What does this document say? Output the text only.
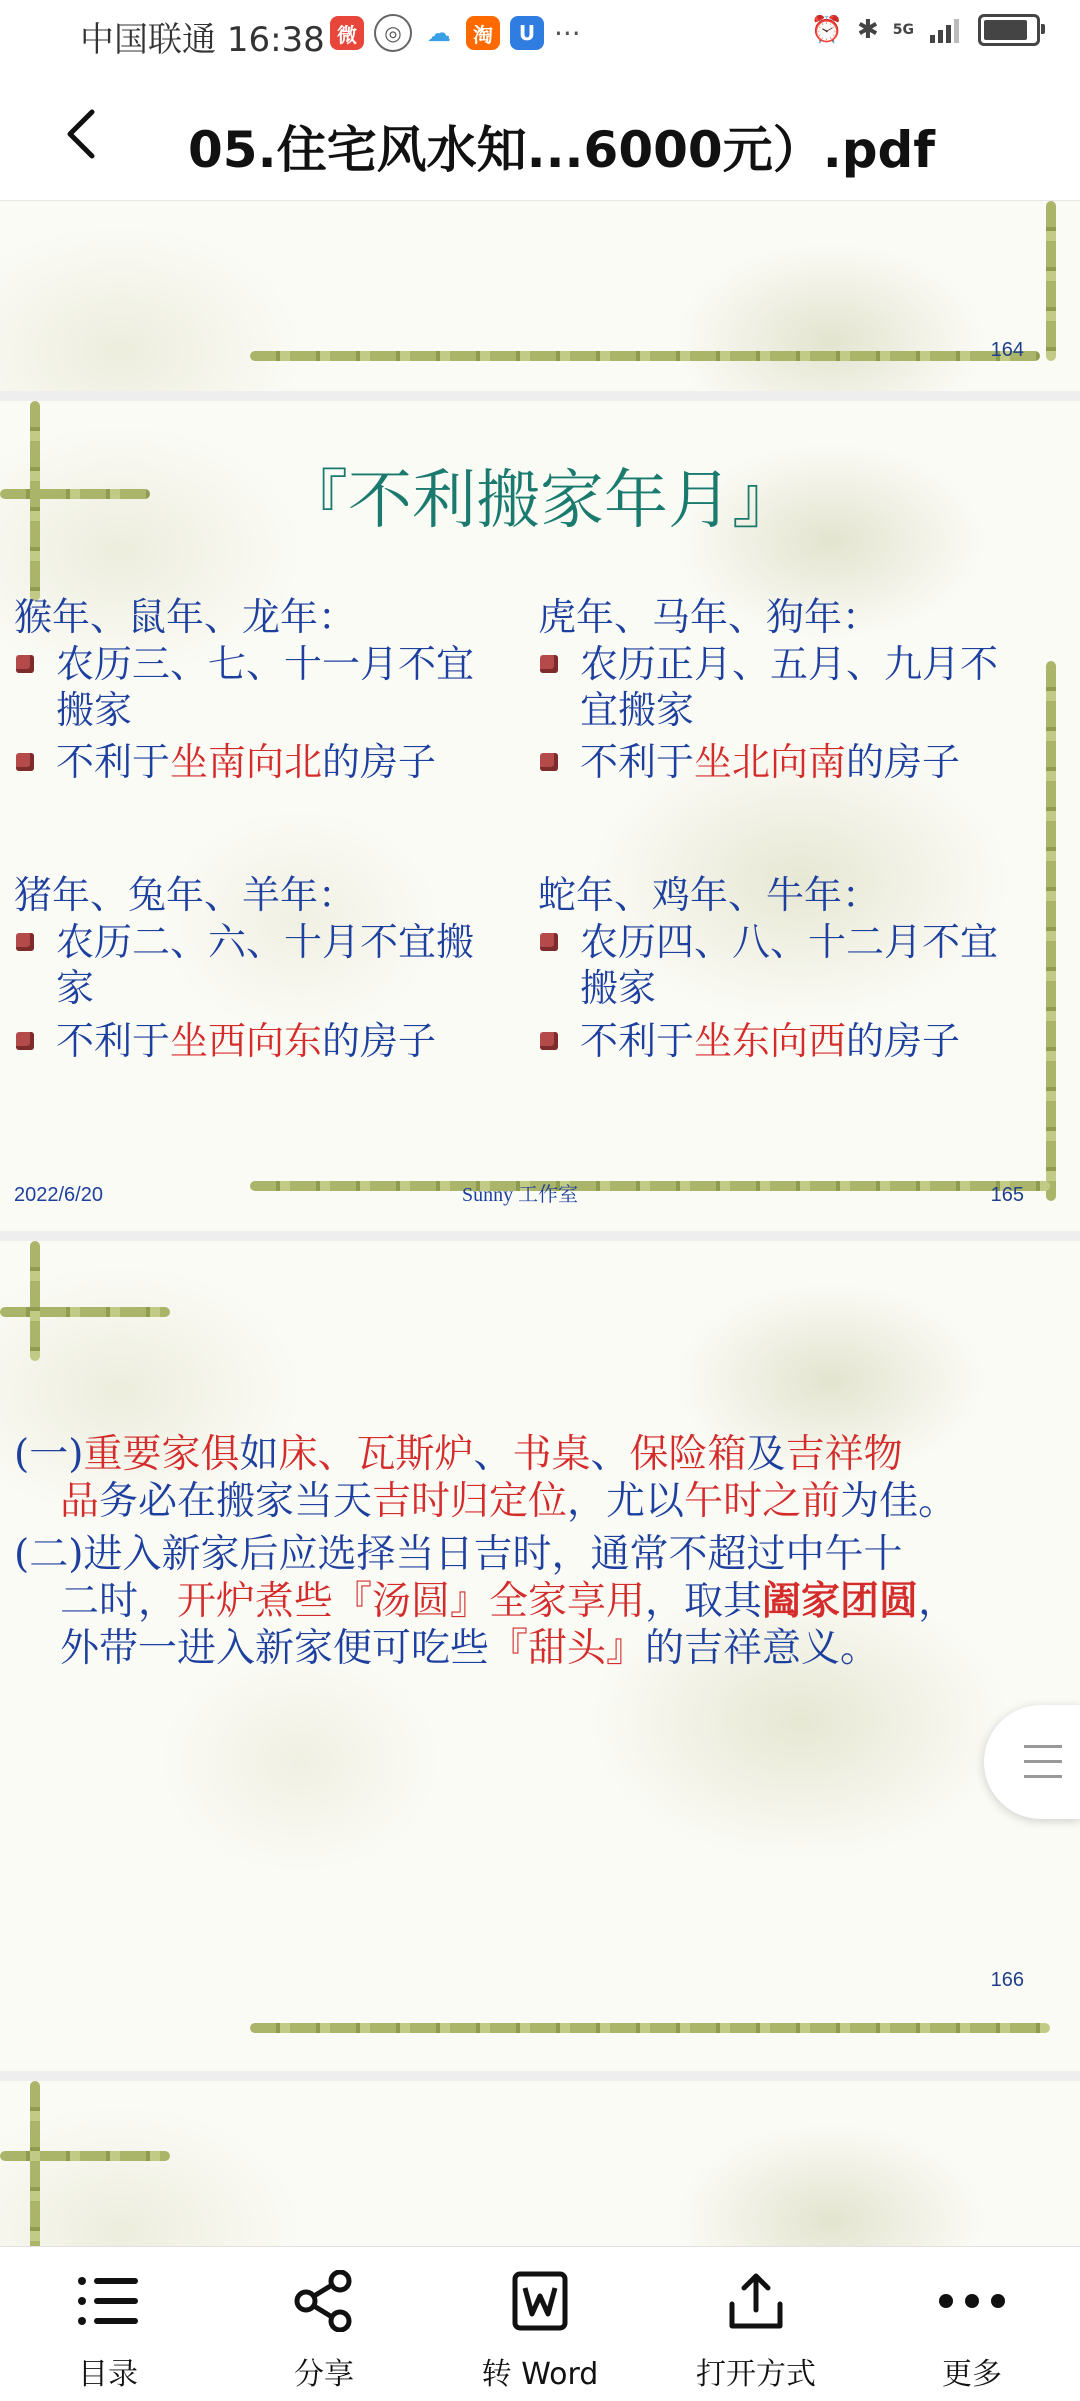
中国联通 16:38 微	◎	☁	淘	U ···	⏰ ✱ 5G
05.住宅风水知...6000元）.pdf
164
『不利搬家年月』
猴年、鼠年、龙年：
农历三、七、十一月不宜搬家
不利于坐南向北的房子
虎年、马年、狗年：
农历正月、五月、九月不宜搬家
不利于坐北向南的房子
猪年、兔年、羊年：
农历二、六、十月不宜搬家
不利于坐西向东的房子
蛇年、鸡年、牛年：
农历四、八、十二月不宜搬家
不利于坐东向西的房子
2022/6/20	Sunny 工作室	165
(一)重要家俱如床、瓦斯炉、书桌、保险箱及吉祥物
品务必在搬家当天吉时归定位，尤以午时之前为佳。
(二)进入新家后应选择当日吉时，通常不超过中午十
二时，开炉煮些『汤圆』全家享用，取其阖家团圆，
外带一进入新家便可吃些『甜头』的吉祥意义。
166
目录	分享	转 Word	打开方式	更多
